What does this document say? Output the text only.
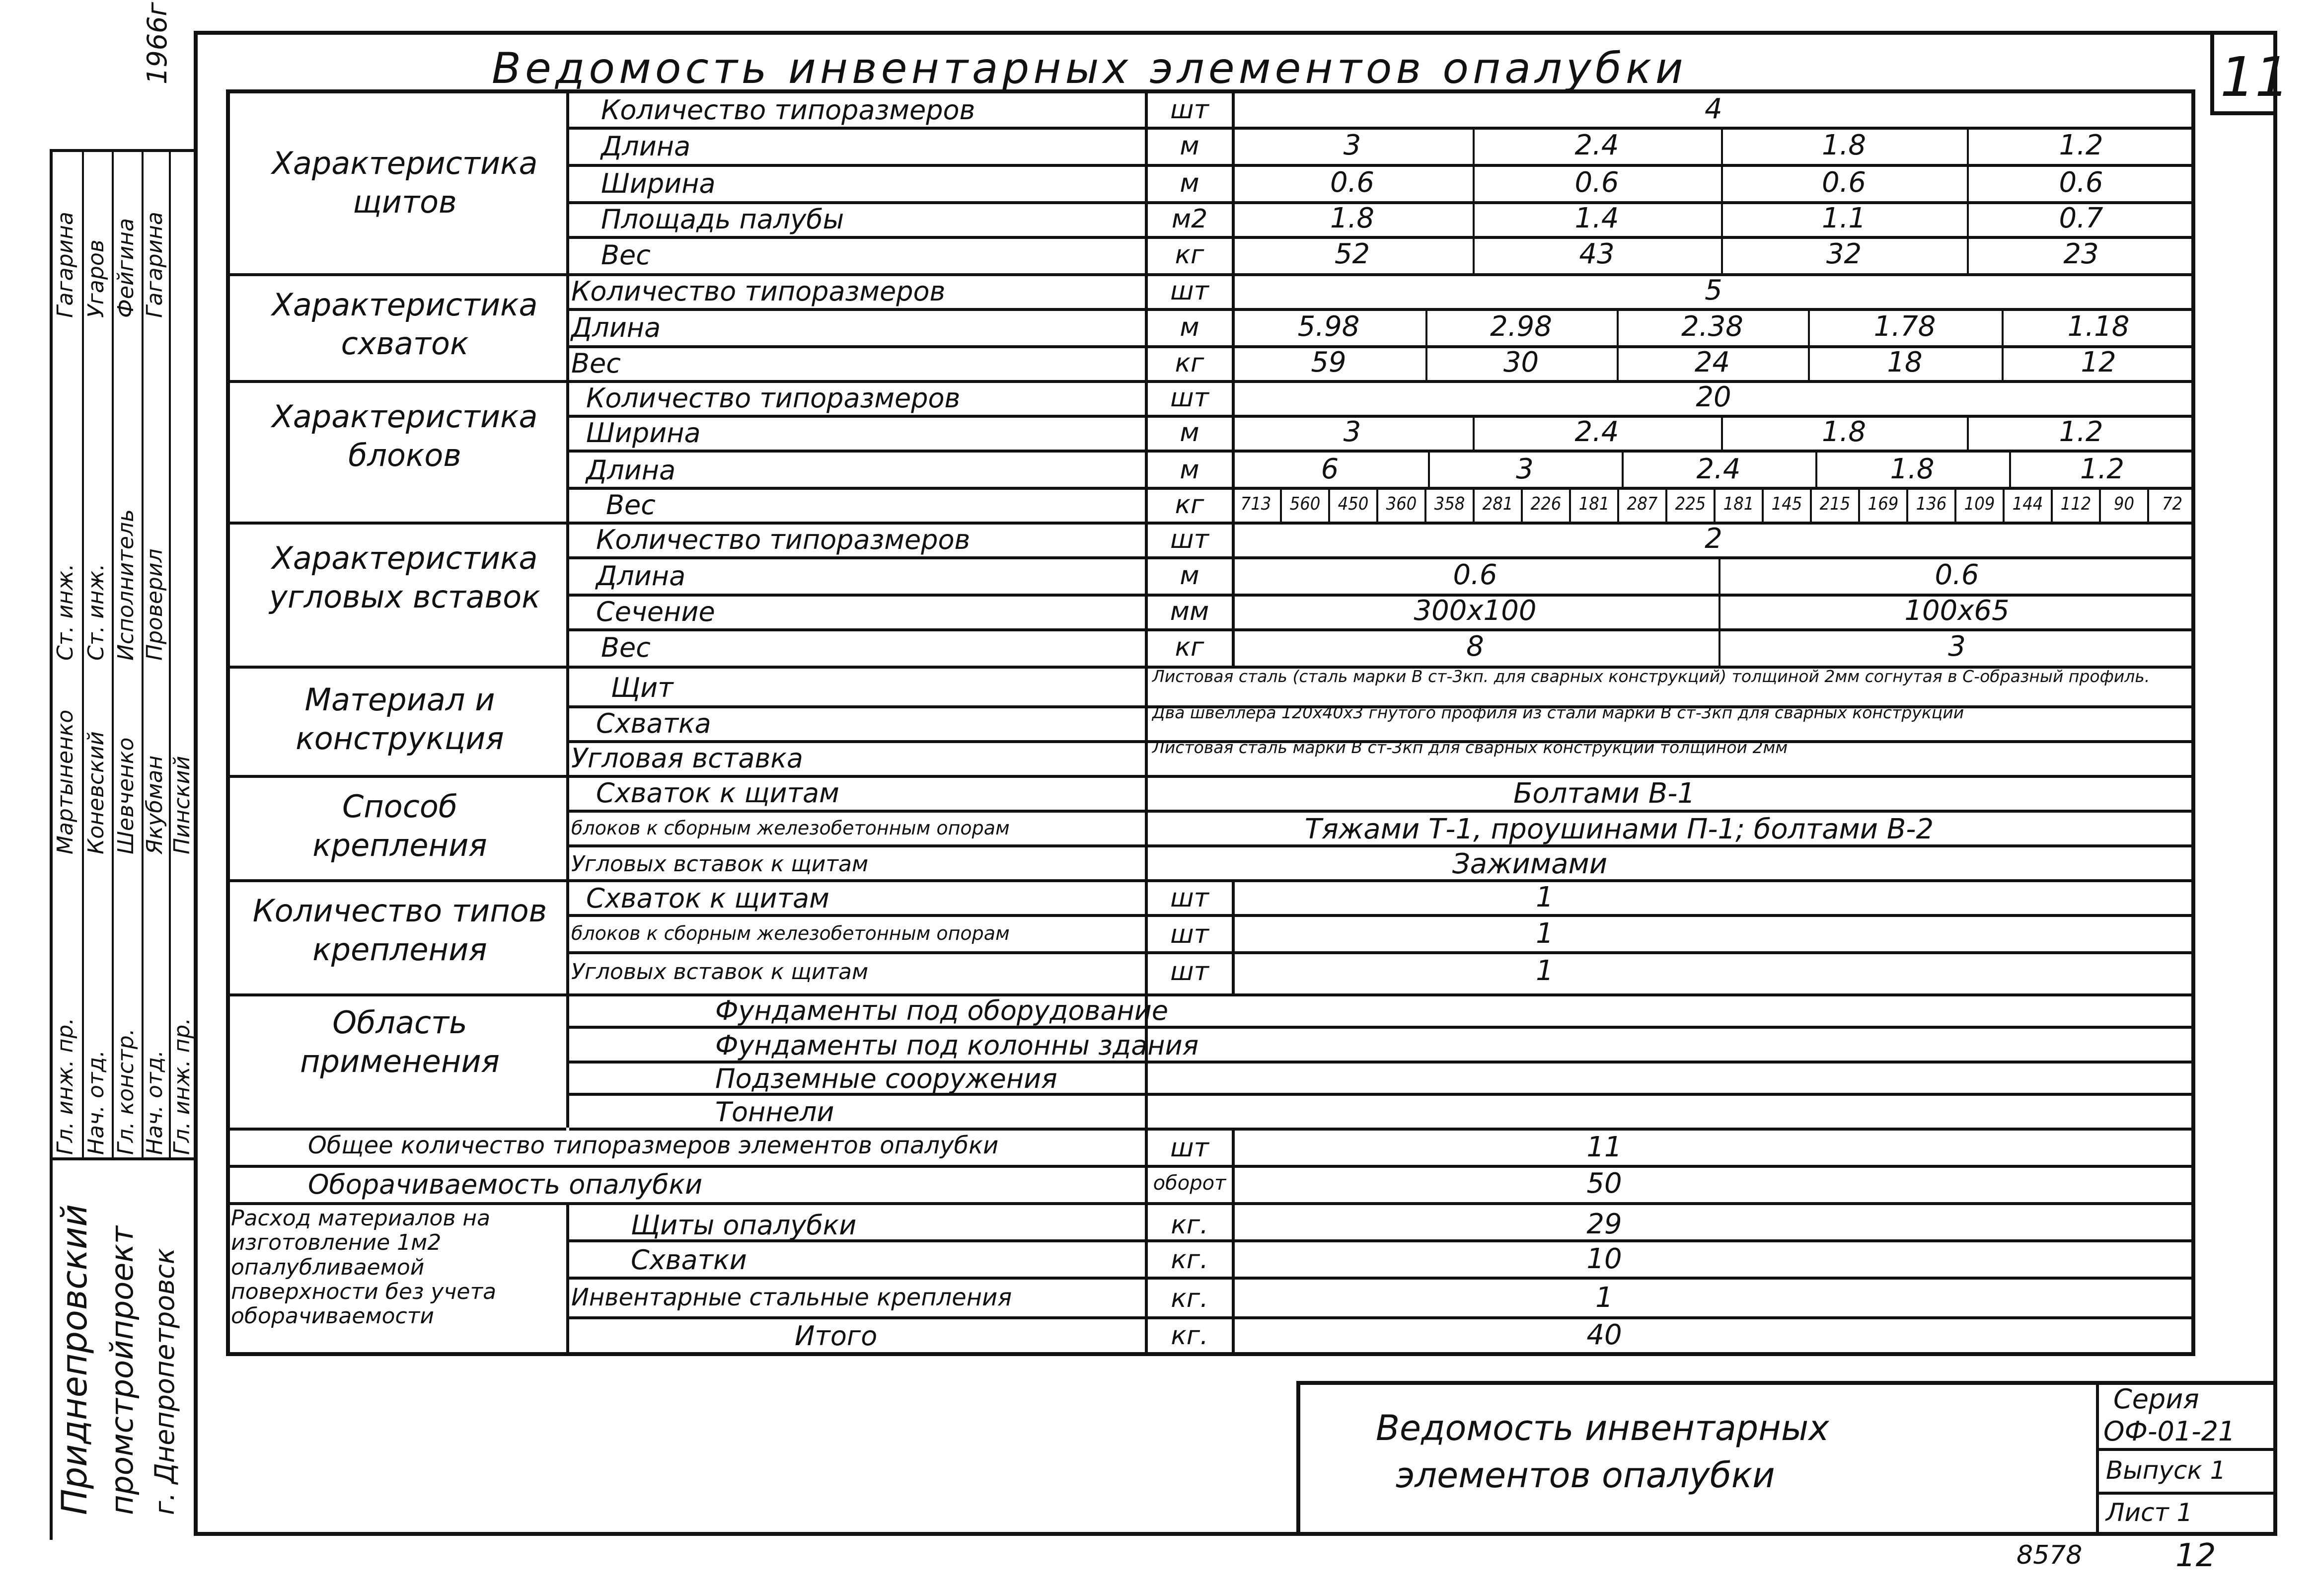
11
Ведомость инвентарных элементов опалубки
1966г
Гл. инж. пр. Нач. отд. Гл. констр. Нач. отд. Гл. инж. пр.
Ст. инж. Ст. инж. Исполнитель Проверил
Мартыненко Коневский Шевченко Якубман Пинский
Гагарина Угаров Фейгина Гагарина
Приднепровский промстройпроект г. Днепропетровск
Характеристика щитов
Количество типоразмеров	шт	4
Длина	м	3	2.4	1.8	1.2
Ширина	м	0.6	0.6	0.6	0.6
Площадь палубы	м2	1.8	1.4	1.1	0.7
Вес	кг	52	43	32	23
Характеристика схваток
Количество типоразмеров	шт	5
Длина	м	5.98	2.98	2.38	1.78	1.18
Вес	кг	59	30	24	18	12
Характеристика блоков
Количество типоразмеров	шт	20
Ширина	м	3	2.4	1.8	1.2
Длина	м	6	3	2.4	1.8	1.2
Вес	кг	713	560 450 360 358 281 226 181 287 225 181 145 215 169 136 109 144 112	90	72
Характеристика угловых вставок
Количество типоразмеров	шт	2
Длина	м	0.6	0.6
Сечение	мм	300x100	100x65
Вес	кг	8	3
Материал и конструкция
Щит	Листовая сталь (сталь марки В ст-3кп. для сварных конструкций) толщиной 2мм согнутая в С-образный профиль.
Схватка	Два швеллера 120x40x3 гнутого профиля из стали марки В ст-3кп для сварных конструкций
Угловая вставка	Листовая сталь марки В ст-3кп для сварных конструкций толщиной 2мм
Способ крепления
Схваток к щитам	Болтами В-1
блоков к сборным железобетонным опорам	Тяжами Т-1, проушинами П-1; болтами В-2
Угловых вставок к щитам	Зажимами
Количество типов крепления
Схваток к щитам	шт	1
блоков к сборным железобетонным опорам	шт	1
Угловых вставок к щитам	шт	1
Область применения
Фундаменты под оборудование
Фундаменты под колонны здания
Подземные сооружения
Тоннели
Общее количество типоразмеров элементов опалубки	шт	11
Оборачиваемость опалубки	оборот	50
Расход материалов на изготовление 1м2 опалубливаемой поверхности без учета оборачиваемости
Щиты опалубки	кг.	29
Схватки	кг.	10
Инвентарные стальные крепления	кг.	1
Итого	кг.	40
Ведомость инвентарных
элементов опалубки
Серия
ОФ-01-21
Выпуск 1
Лист 1
8578	12
